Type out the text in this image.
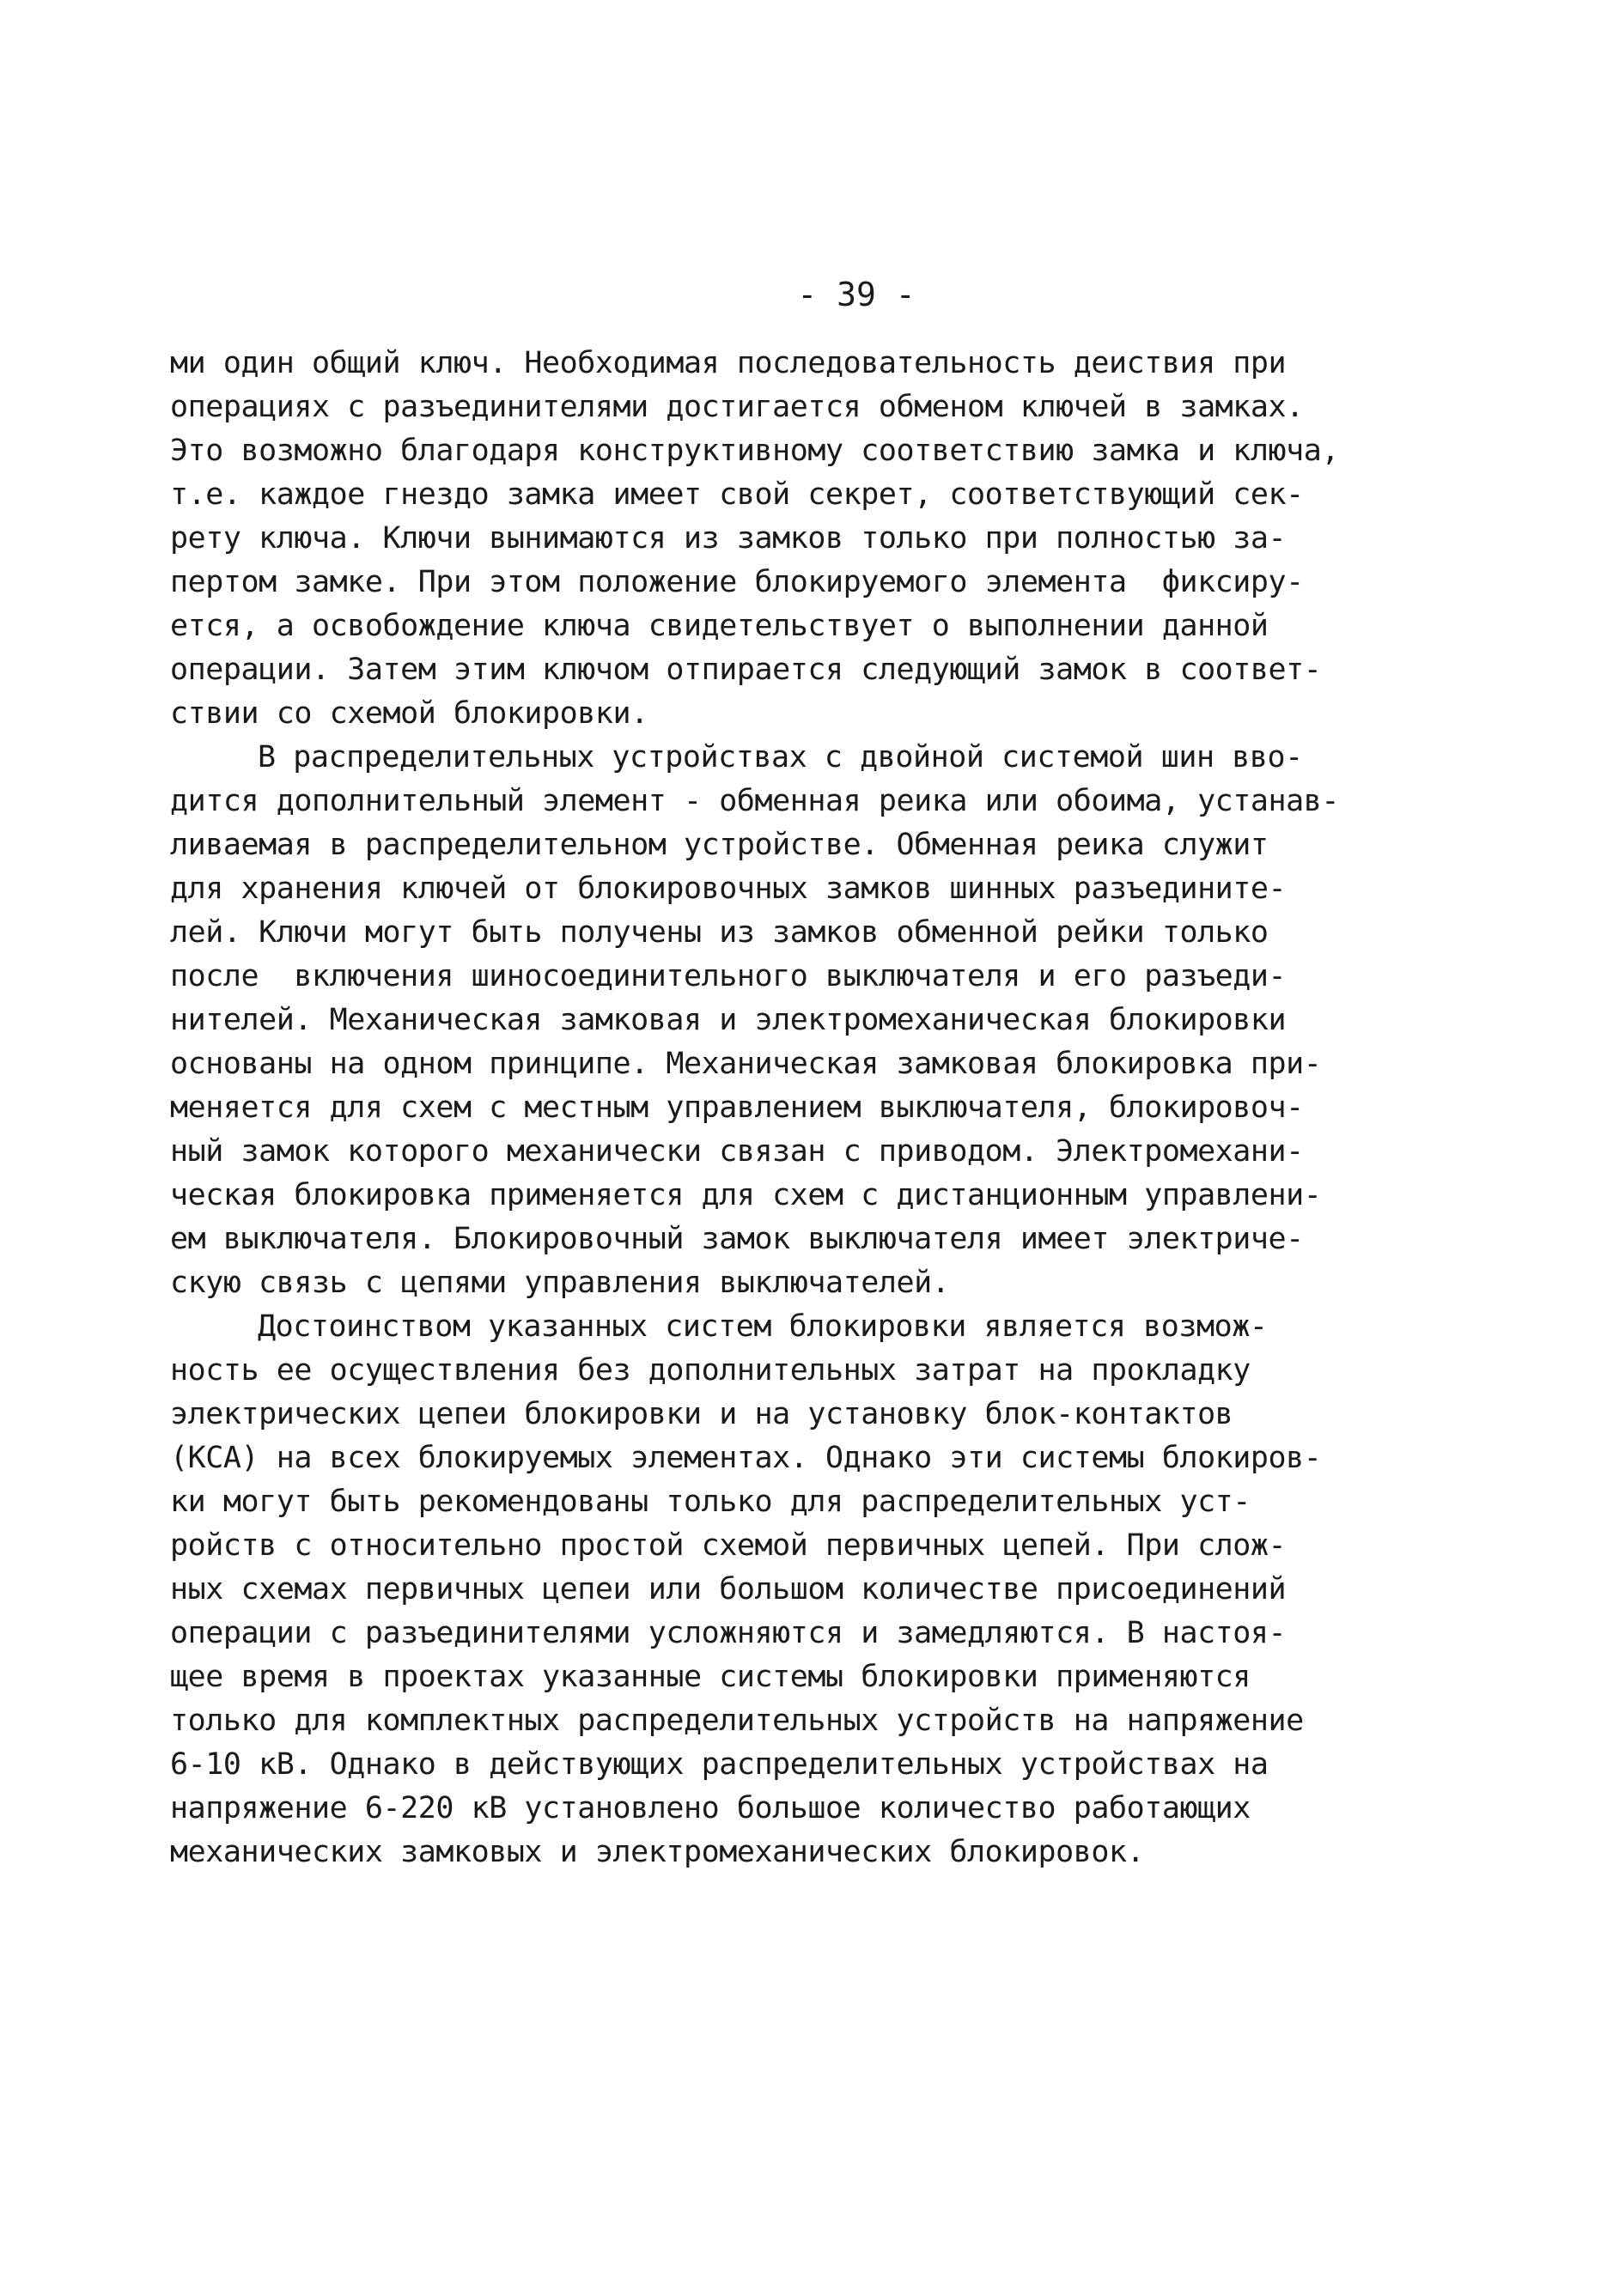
- 39 -
ми один общий ключ. Необходимая последовательность деиствия при
операциях с разъединителями достигается обменом ключей в замках.
Это возможно благодаря конструктивному соответствию замка и ключа,
т.е. каждое гнездо замка имеет свой секрет, соответствующий сек-
рету ключа. Ключи вынимаются из замков только при полностью за-
пертом замке. При этом положение блокируемого элемента  фиксиру-
ется, а освобождение ключа свидетельствует о выполнении данной
операции. Затем этим ключом отпирается следующий замок в соответ-
ствии со схемой блокировки.
В распределительных устройствах с двойной системой шин вво-
дится дополнительный элемент - обменная реика или обоима, устанав-
ливаемая в распределительном устройстве. Обменная реика служит
для хранения ключей от блокировочных замков шинных разъедините-
лей. Ключи могут быть получены из замков обменной рейки только
после  включения шиносоединительного выключателя и его разъеди-
нителей. Механическая замковая и электромеханическая блокировки
основаны на одном принципе. Механическая замковая блокировка при-
меняется для схем с местным управлением выключателя, блокировоч-
ный замок которого механически связан с приводом. Электромехани-
ческая блокировка применяется для схем с дистанционным управлени-
ем выключателя. Блокировочный замок выключателя имеет электриче-
скую связь с цепями управления выключателей.
Достоинством указанных систем блокировки является возмож-
ность ее осуществления без дополнительных затрат на прокладку
электрических цепеи блокировки и на установку блок-контактов
(КСА) на всех блокируемых элементах. Однако эти системы блокиров-
ки могут быть рекомендованы только для распределительных уст-
ройств с относительно простой схемой первичных цепей. При слож-
ных схемах первичных цепеи или большом количестве присоединений
операции с разъединителями усложняются и замедляются. В настоя-
щее время в проектах указанные системы блокировки применяются
только для комплектных распределительных устройств на напряжение
6-10 кВ. Однако в действующих распределительных устройствах на
напряжение 6-220 кВ установлено большое количество работающих
механических замковых и электромеханических блокировок.
